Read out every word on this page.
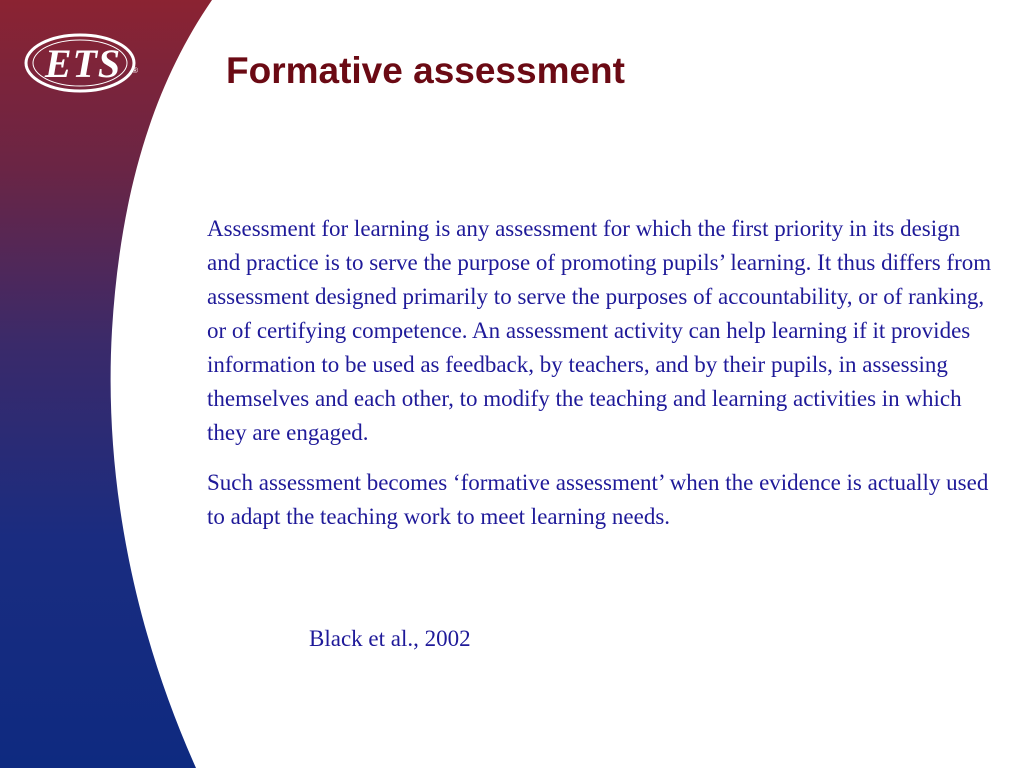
ETS	® Formative assessment

Assessment for learning is any assessment for which the first priority in its design and practice is to serve the purpose of promoting pupils’ learning. It thus differs from assessment designed primarily to serve the purposes of accountability, or of ranking, or of certifying competence. An assessment activity can help learning if it provides information to be used as feedback, by teachers, and by their pupils, in assessing themselves and each other, to modify the teaching and learning activities in which they are engaged.

Such assessment becomes ‘formative assessment’ when the evidence is actually used to adapt the teaching work to meet learning needs.

Black et al., 2002
